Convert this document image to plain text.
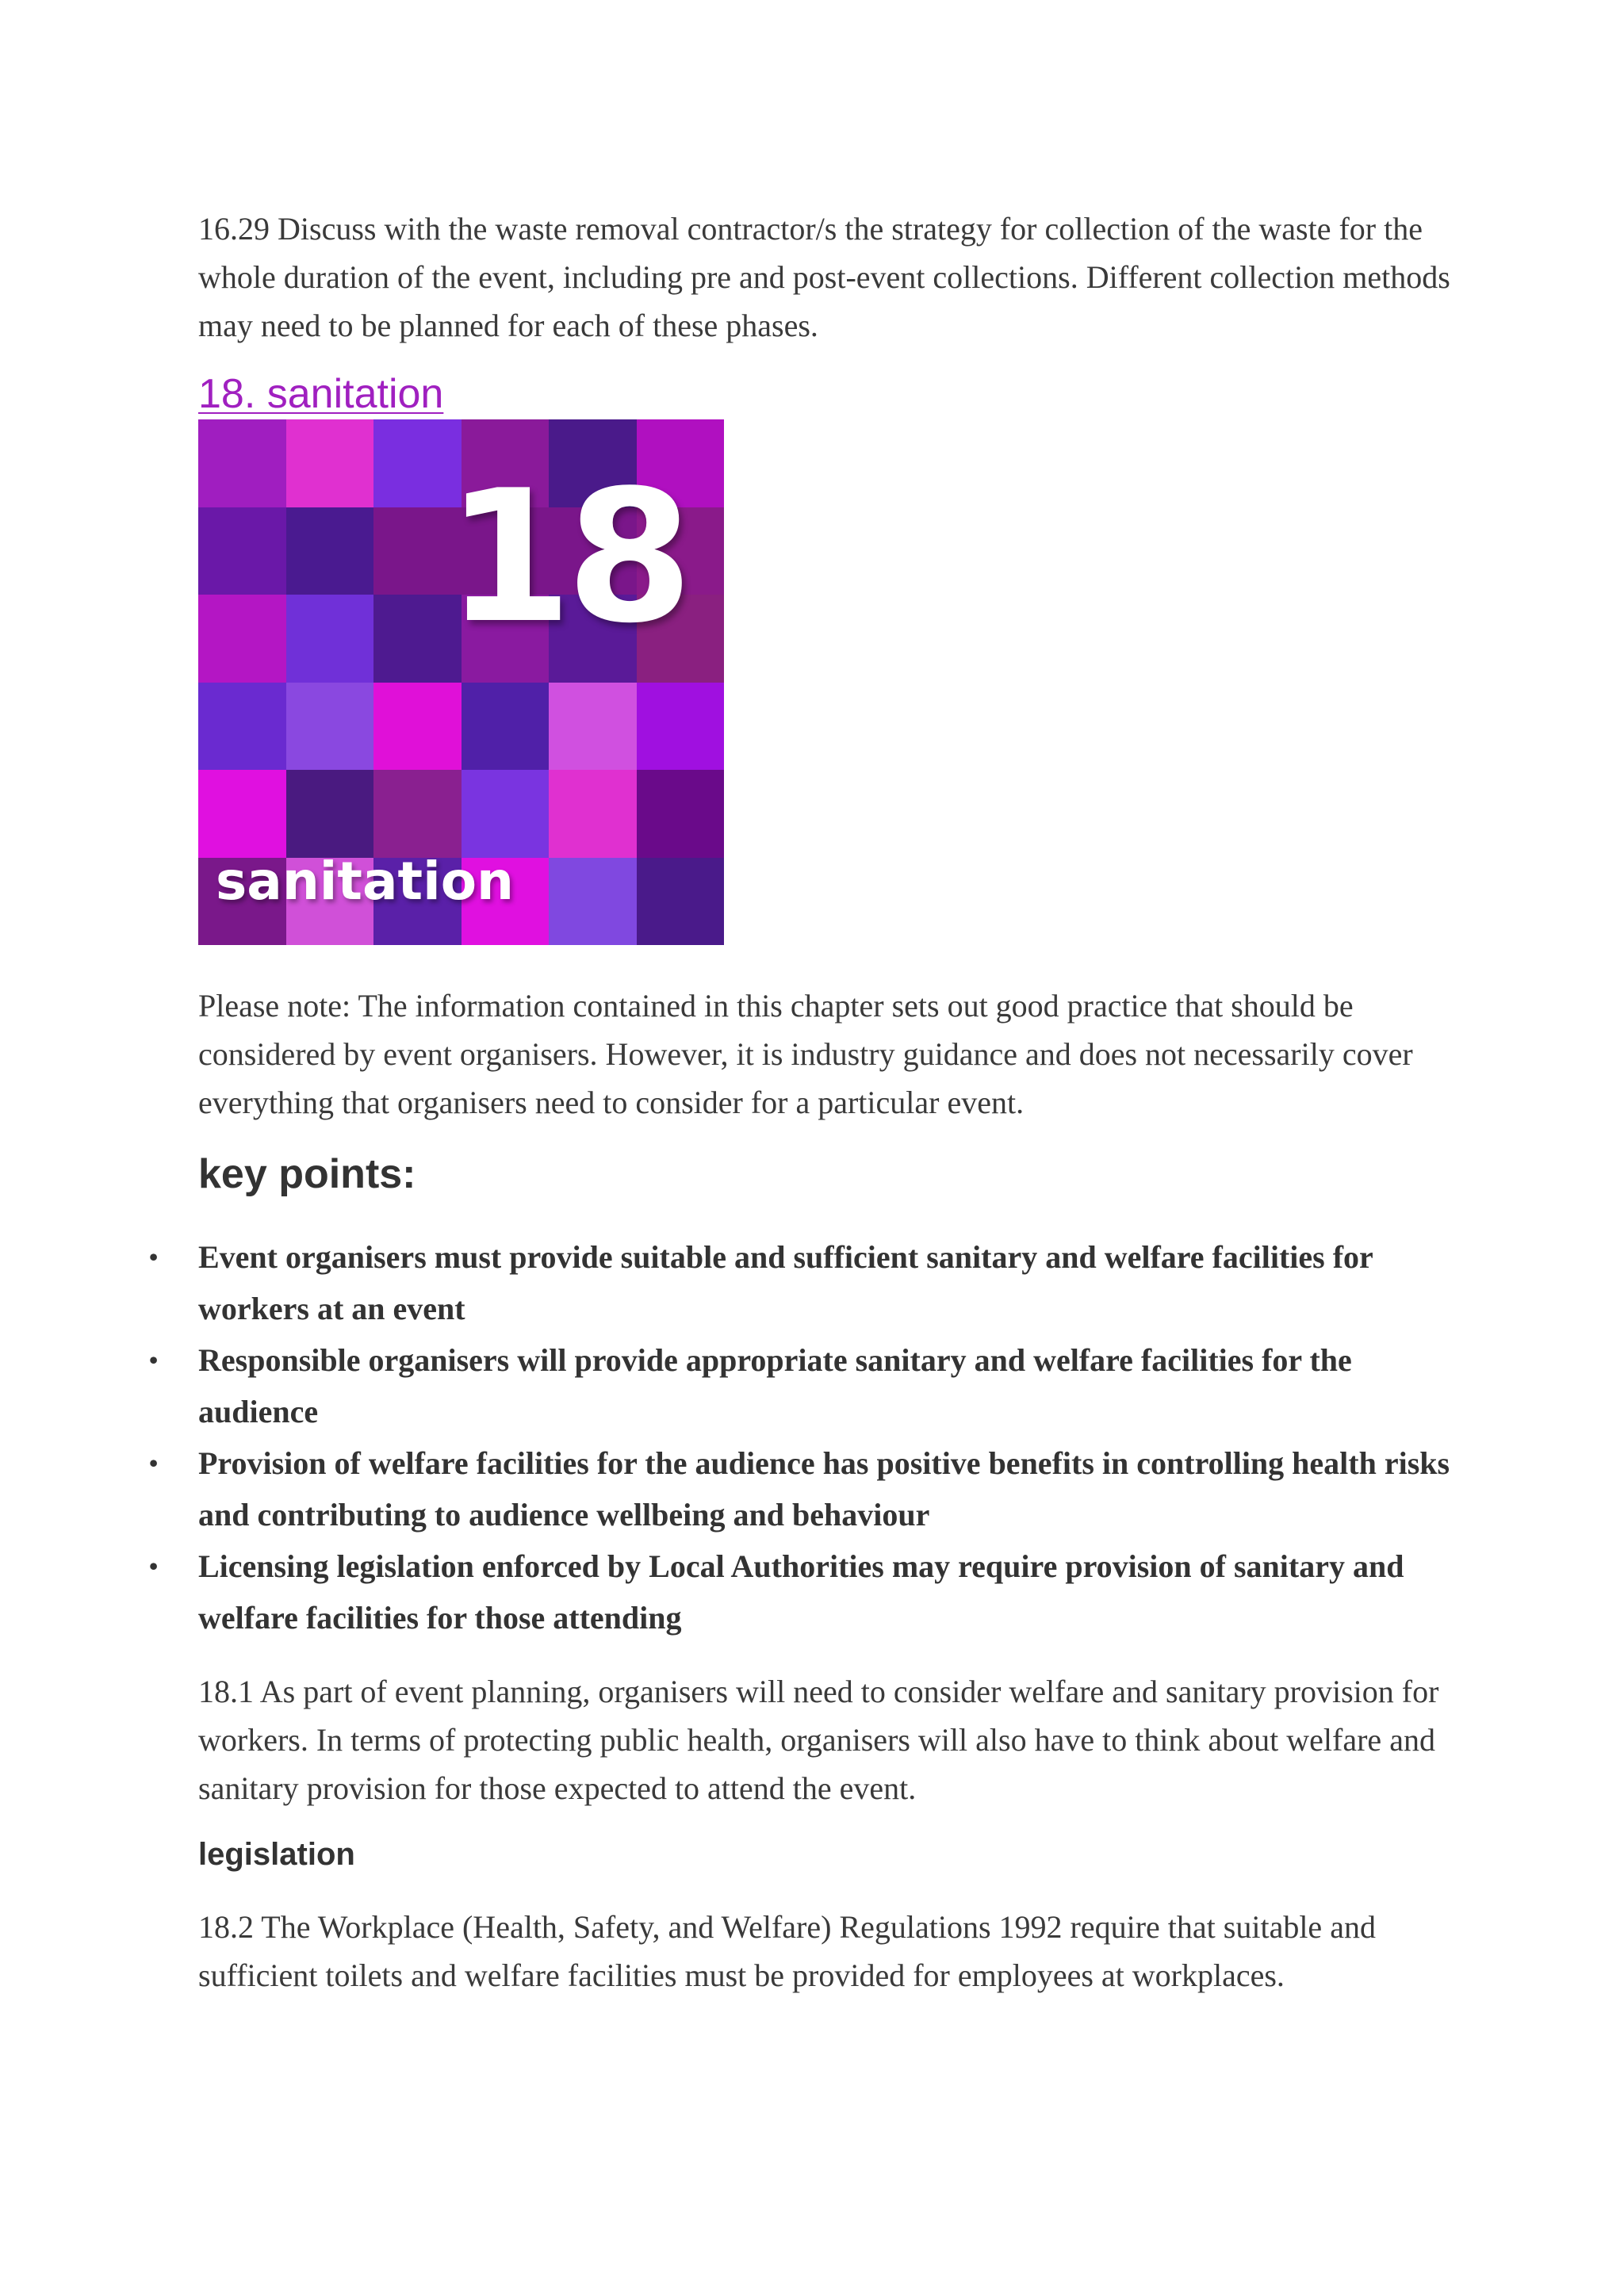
16.29 Discuss with the waste removal contractor/s the strategy for collection of the waste for the whole duration of the event, including pre and post-event collections. Different collection methods may need to be planned for each of these phases.

18. sanitation
18
sanitation

Please note: The information contained in this chapter sets out good practice that should be considered by event organisers. However, it is industry guidance and does not necessarily cover everything that organisers need to consider for a particular event.

key points:
• Event organisers must provide suitable and sufficient sanitary and welfare facilities for workers at an event
• Responsible organisers will provide appropriate sanitary and welfare facilities for the audience
• Provision of welfare facilities for the audience has positive benefits in controlling health risks and contributing to audience wellbeing and behaviour
• Licensing legislation enforced by Local Authorities may require provision of sanitary and welfare facilities for those attending

18.1 As part of event planning, organisers will need to consider welfare and sanitary provision for workers. In terms of protecting public health, organisers will also have to think about welfare and sanitary provision for those expected to attend the event.

legislation

18.2 The Workplace (Health, Safety, and Welfare) Regulations 1992 require that suitable and sufficient toilets and welfare facilities must be provided for employees at workplaces.
